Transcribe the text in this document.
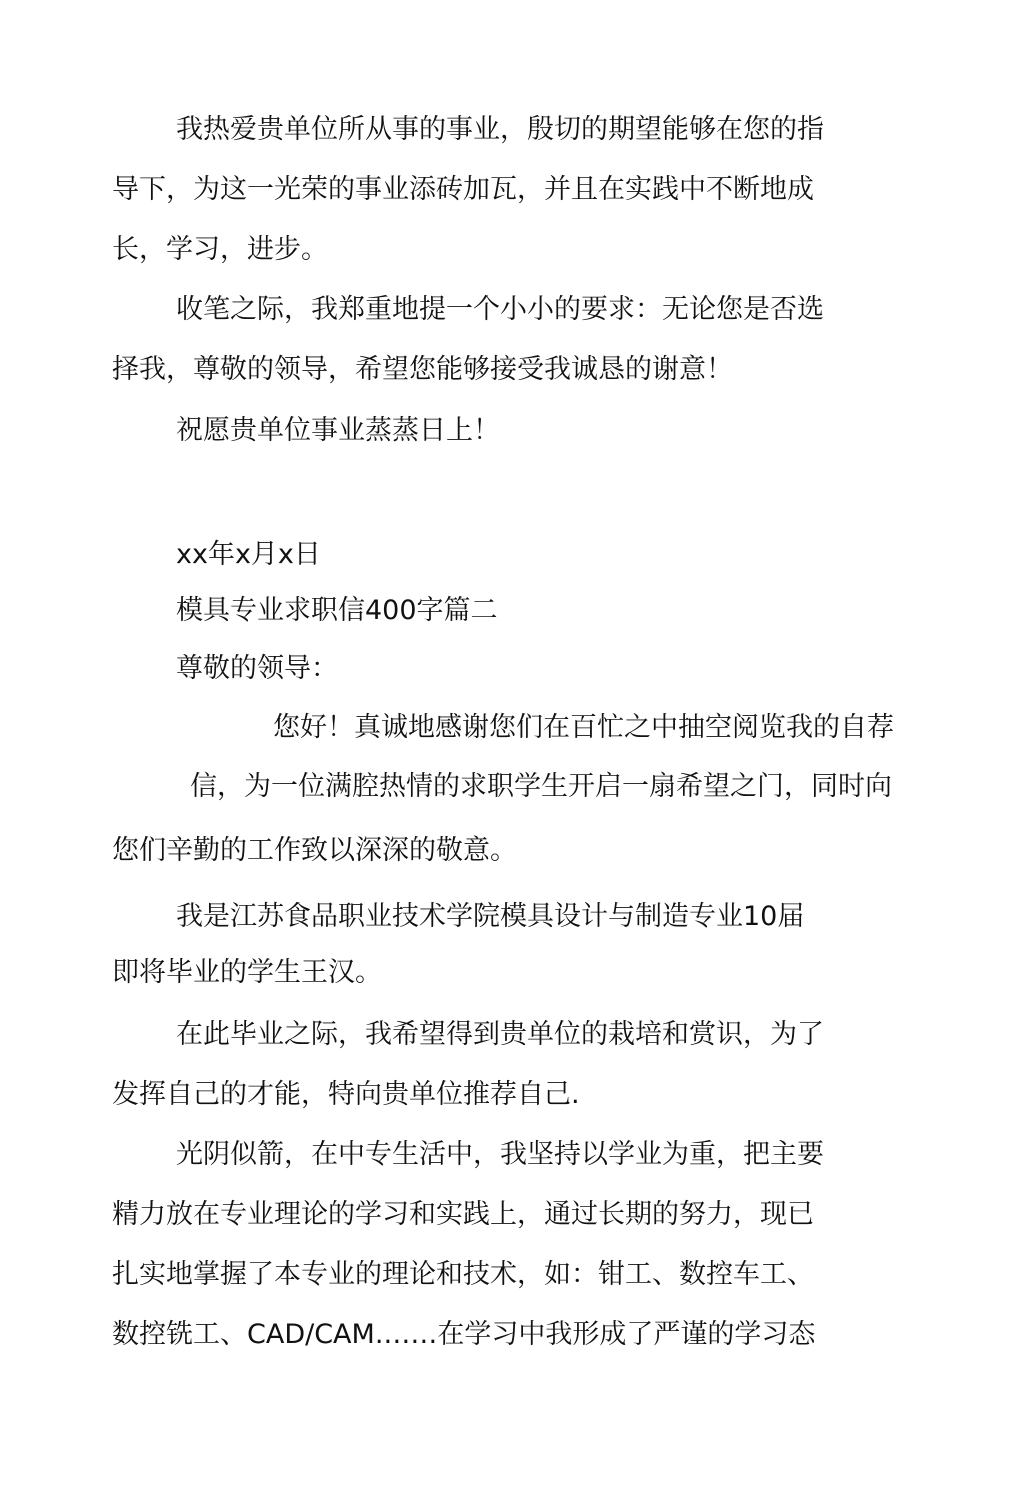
我热爱贵单位所从事的事业，殷切的期望能够在您的指

导下，为这一光荣的事业添砖加瓦，并且在实践中不断地成

长，学习，进步。

收笔之际，我郑重地提一个小小的要求：无论您是否选

择我，尊敬的领导，希望您能够接受我诚恳的谢意！

祝愿贵单位事业蒸蒸日上！

xx年x月x日

模具专业求职信400字篇二

尊敬的领导：

您好！真诚地感谢您们在百忙之中抽空阅览我的自荐

信，为一位满腔热情的求职学生开启一扇希望之门，同时向

您们辛勤的工作致以深深的敬意。

我是江苏食品职业技术学院模具设计与制造专业10届

即将毕业的学生王汉。

在此毕业之际，我希望得到贵单位的栽培和赏识，为了

发挥自己的才能，特向贵单位推荐自己.

光阴似箭，在中专生活中，我坚持以学业为重，把主要

精力放在专业理论的学习和实践上，通过长期的努力，现已

扎实地掌握了本专业的理论和技术，如：钳工、数控车工、

数控铣工、CAD/CAM.……在学习中我形成了严谨的学习态
